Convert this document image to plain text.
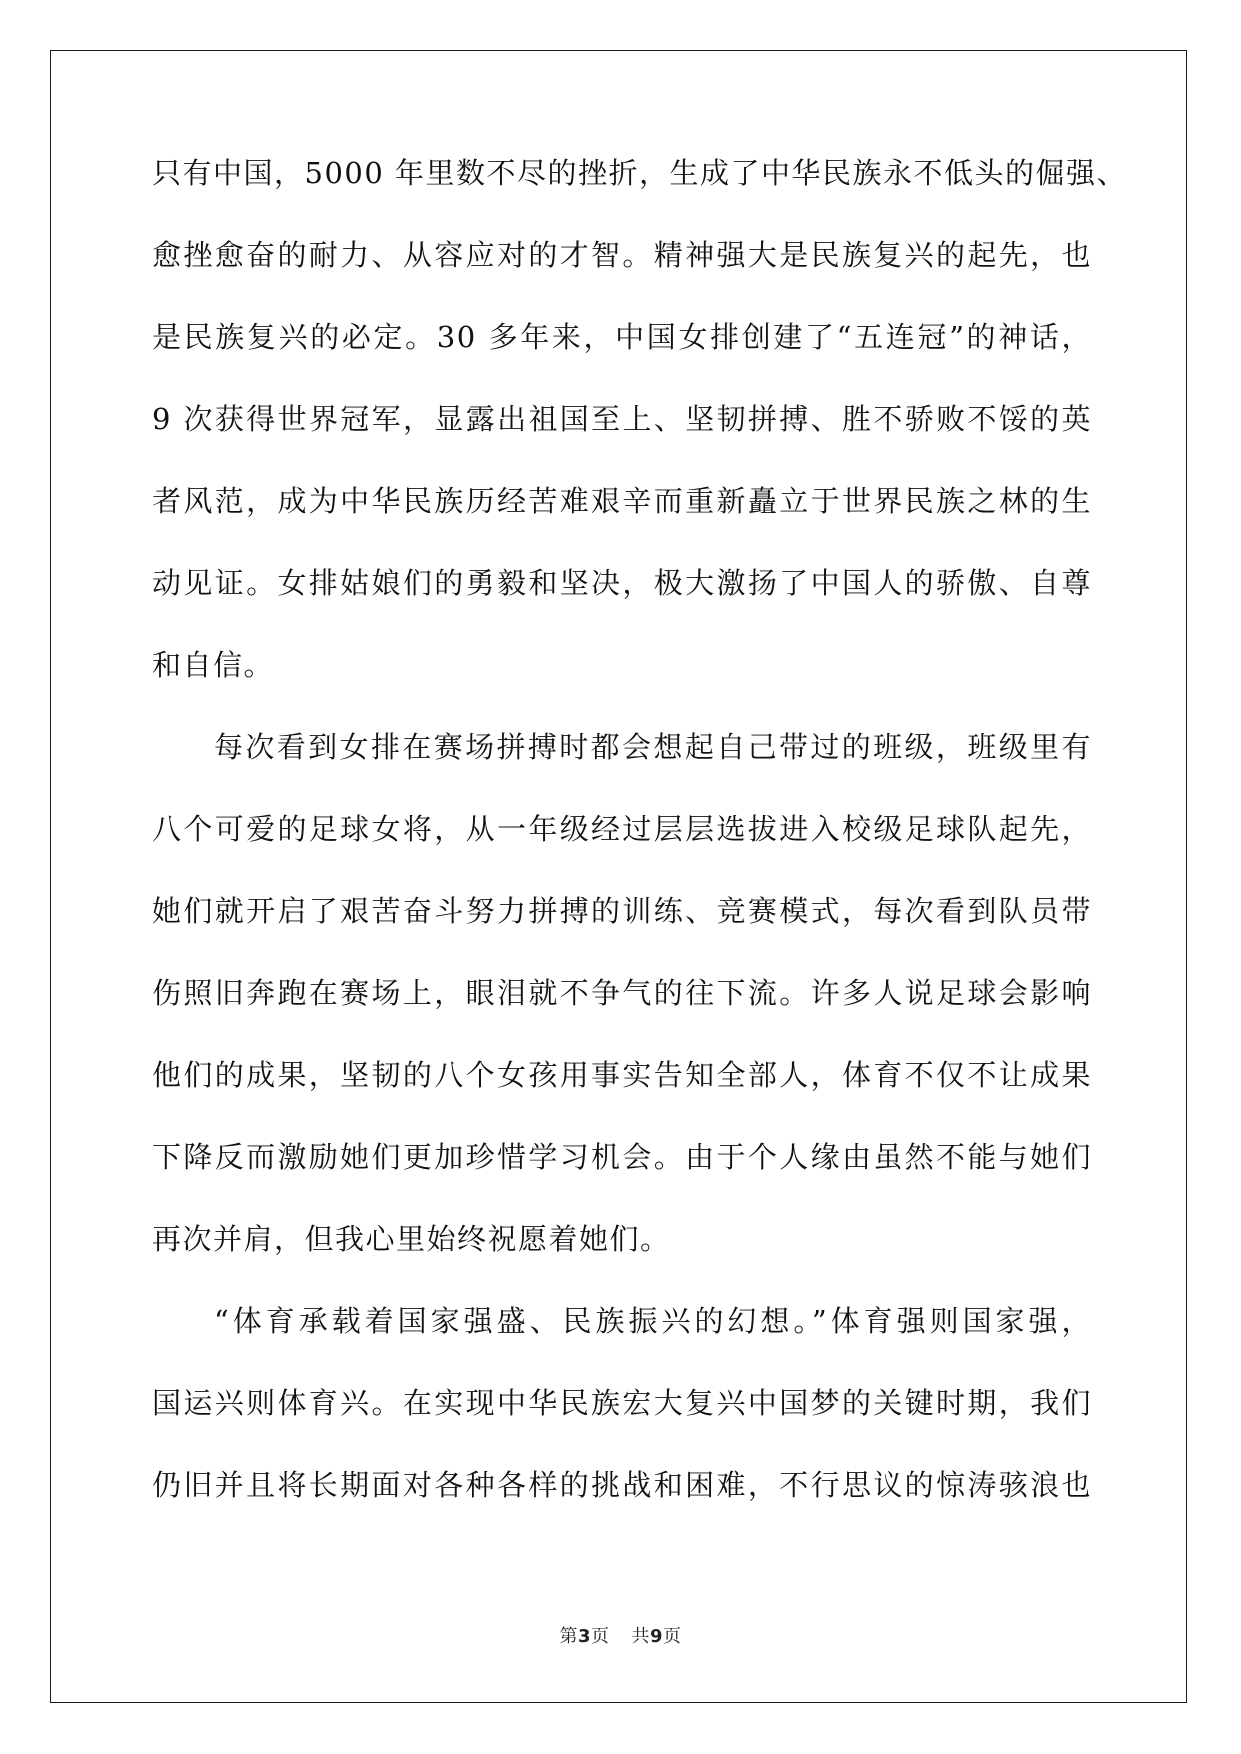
只有中国，5000 年里数不尽的挫折，生成了中华民族永不低头的倔强、
愈挫愈奋的耐力、从容应对的才智。精神强大是民族复兴的起先，也
是民族复兴的必定。30 多年来，中国女排创建了“五连冠”的神话，
9 次获得世界冠军，显露出祖国至上、坚韧拼搏、胜不骄败不馁的英
者风范，成为中华民族历经苦难艰辛而重新矗立于世界民族之林的生
动见证。女排姑娘们的勇毅和坚决，极大激扬了中国人的骄傲、自尊
和自信。
每次看到女排在赛场拼搏时都会想起自己带过的班级，班级里有
八个可爱的足球女将，从一年级经过层层选拔进入校级足球队起先，
她们就开启了艰苦奋斗努力拼搏的训练、竞赛模式，每次看到队员带
伤照旧奔跑在赛场上，眼泪就不争气的往下流。许多人说足球会影响
他们的成果，坚韧的八个女孩用事实告知全部人，体育不仅不让成果
下降反而激励她们更加珍惜学习机会。由于个人缘由虽然不能与她们
再次并肩，但我心里始终祝愿着她们。
“体育承载着国家强盛、民族振兴的幻想。”体育强则国家强，
国运兴则体育兴。在实现中华民族宏大复兴中国梦的关键时期，我们
仍旧并且将长期面对各种各样的挑战和困难，不行思议的惊涛骇浪也
第3页 共9页
